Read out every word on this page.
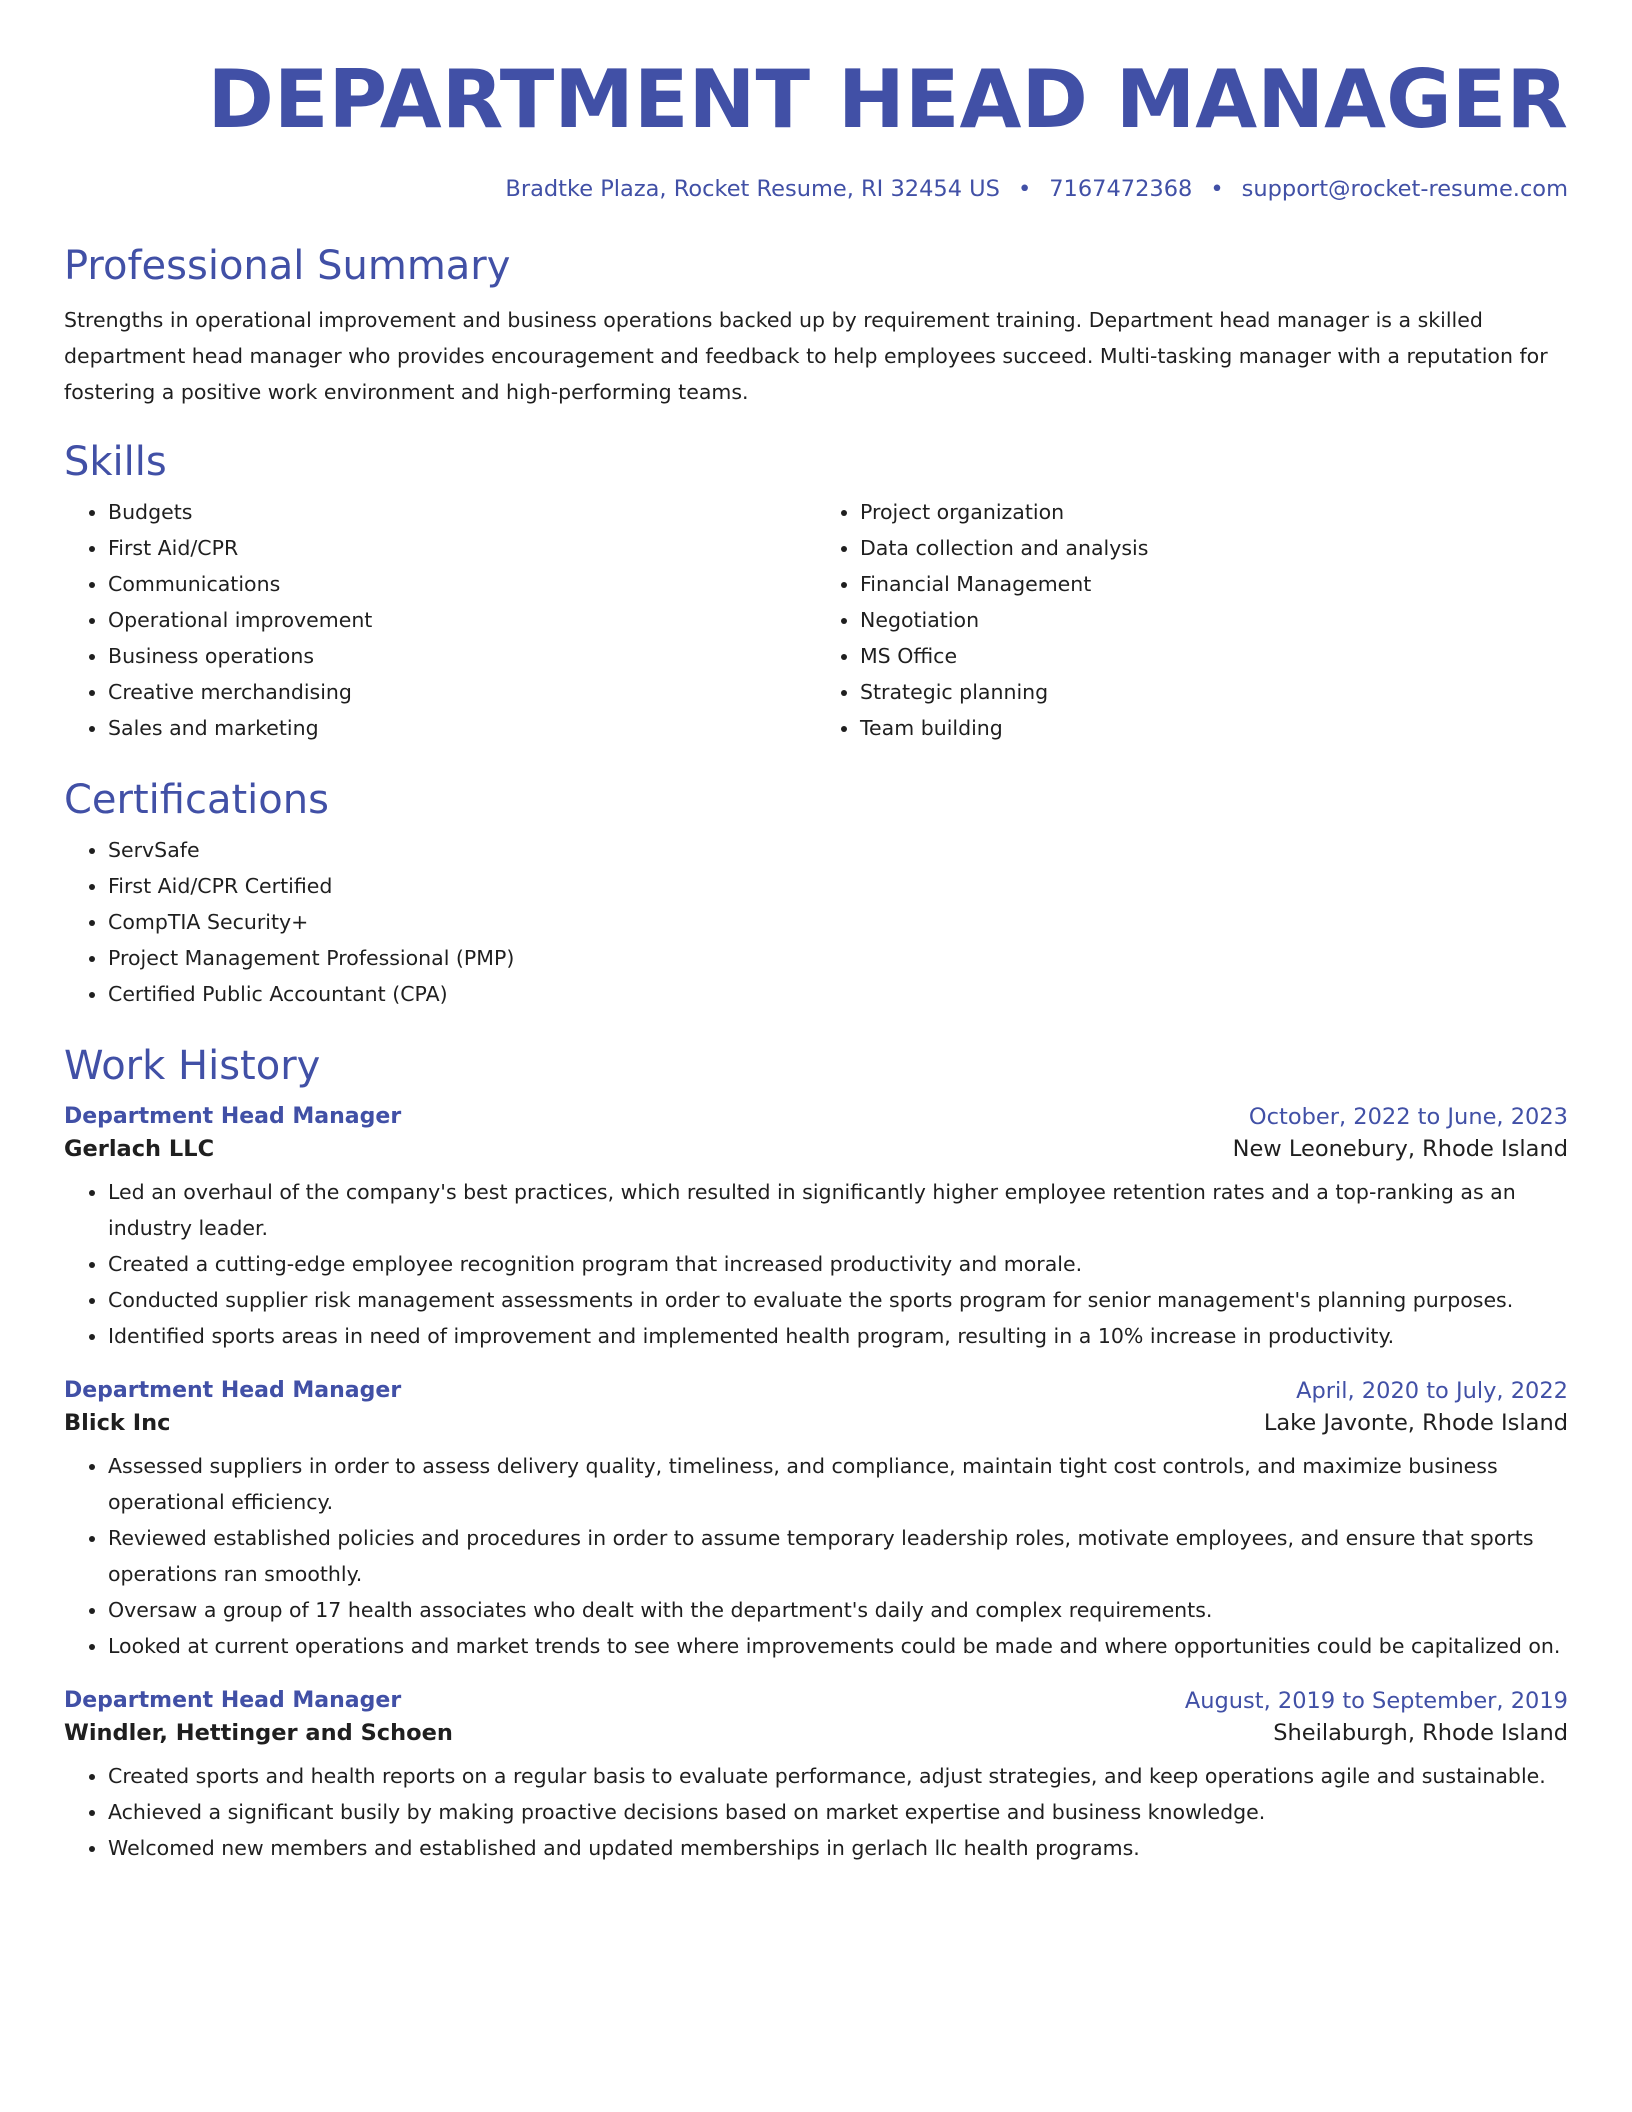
DEPARTMENT HEAD MANAGER
Bradtke Plaza, Rocket Resume, RI 32454 US • 7167472368 • support@rocket-resume.com
Professional Summary

Strengths in operational improvement and business operations backed up by requirement training. Department head manager is a skilled department head manager who provides encouragement and feedback to help employees succeed. Multi-tasking manager with a reputation for fostering a positive work environment and high-performing teams.

Skills
• Budgets
• First Aid/CPR
• Communications
• Operational improvement
• Business operations
• Creative merchandising
• Sales and marketing
• Project organization
• Data collection and analysis
• Financial Management
• Negotiation
• MS Office
• Strategic planning
• Team building
Certifications
• ServSafe
• First Aid/CPR Certified
• CompTIA Security+
• Project Management Professional (PMP)
• Certified Public Accountant (CPA)
Work History
Department Head Manager	October, 2022 to June, 2023
Gerlach LLC	New Leonebury, Rhode Island
• Led an overhaul of the company's best practices, which resulted in significantly higher employee retention rates and a top-ranking as an industry leader.
• Created a cutting-edge employee recognition program that increased productivity and morale.
• Conducted supplier risk management assessments in order to evaluate the sports program for senior management's planning purposes.
• Identified sports areas in need of improvement and implemented health program, resulting in a 10% increase in productivity.
Department Head Manager	April, 2020 to July, 2022
Blick Inc	Lake Javonte, Rhode Island
• Assessed suppliers in order to assess delivery quality, timeliness, and compliance, maintain tight cost controls, and maximize business operational efficiency.
• Reviewed established policies and procedures in order to assume temporary leadership roles, motivate employees, and ensure that sports operations ran smoothly.
• Oversaw a group of 17 health associates who dealt with the department's daily and complex requirements.
• Looked at current operations and market trends to see where improvements could be made and where opportunities could be capitalized on.
Department Head Manager	August, 2019 to September, 2019
Windler, Hettinger and Schoen	Sheilaburgh, Rhode Island
• Created sports and health reports on a regular basis to evaluate performance, adjust strategies, and keep operations agile and sustainable.
• Achieved a significant busily by making proactive decisions based on market expertise and business knowledge.
• Welcomed new members and established and updated memberships in gerlach llc health programs.
